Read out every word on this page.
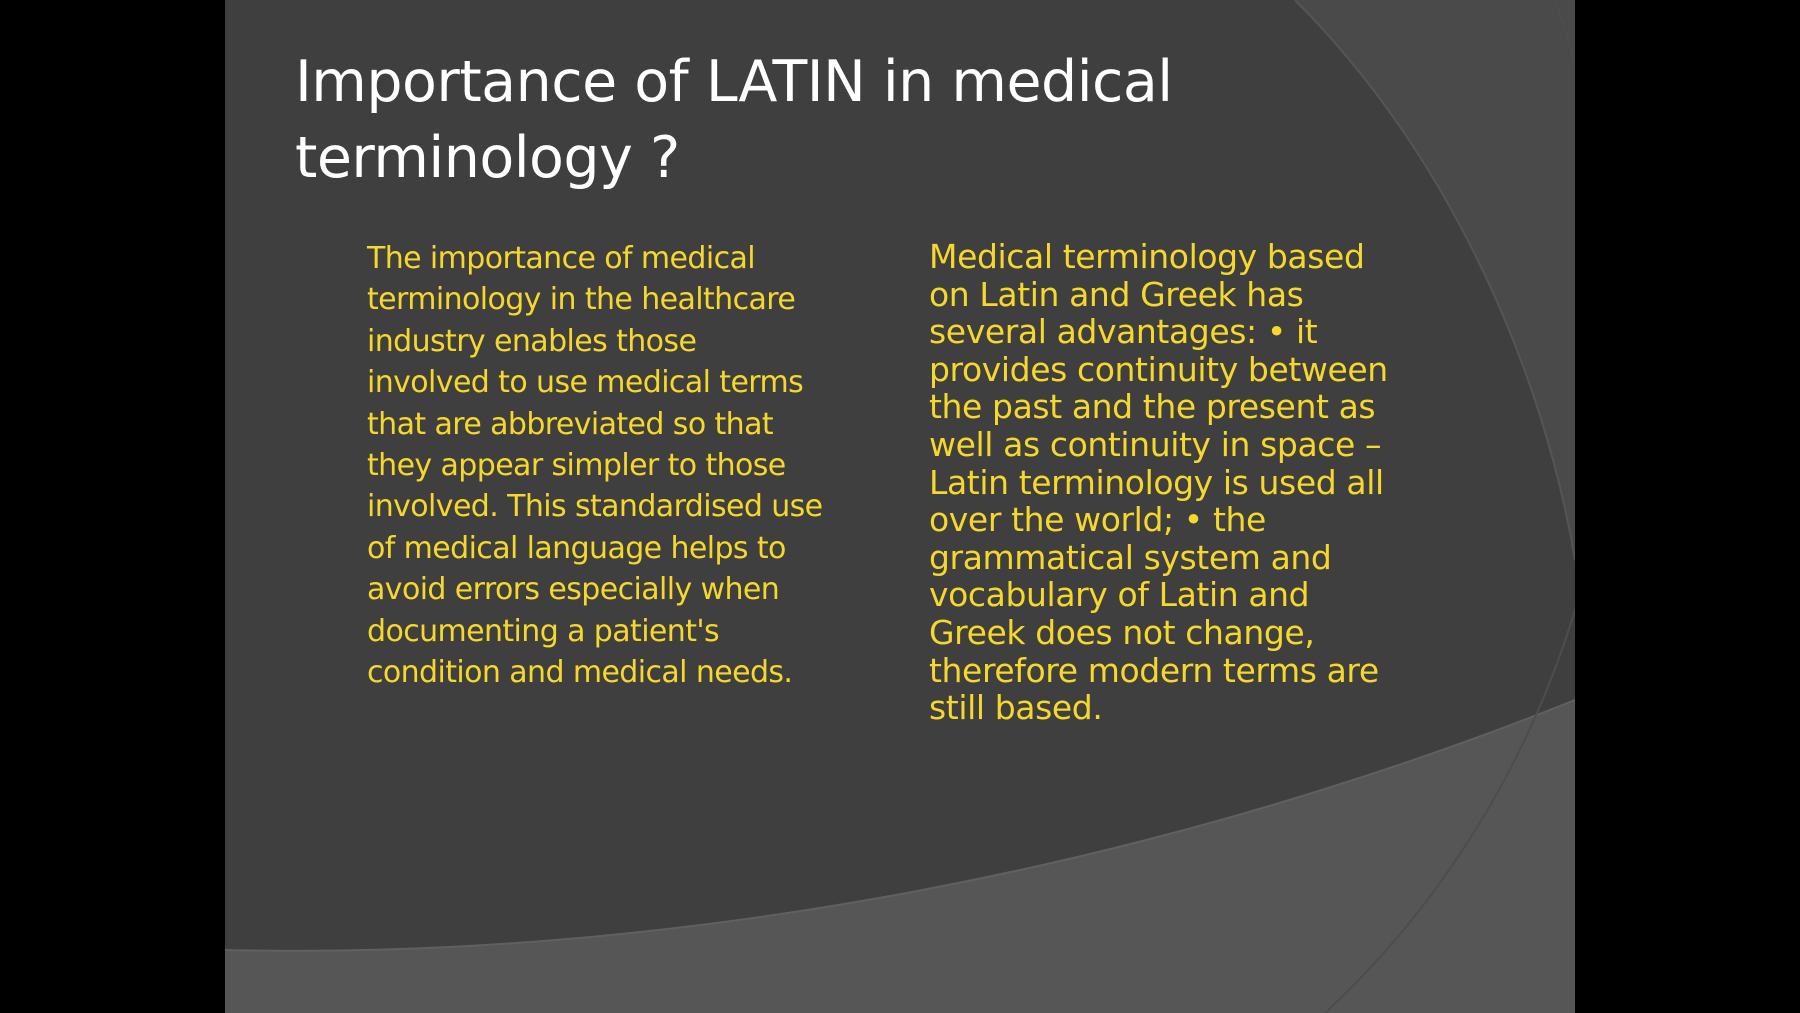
Importance of LATIN in medical terminology ?

The importance of medical terminology in the healthcare industry enables those involved to use medical terms that are abbreviated so that they appear simpler to those involved. This standardised use of medical language helps to avoid errors especially when documenting a patient's condition and medical needs.

Medical terminology based on Latin and Greek has several advantages: • it provides continuity between the past and the present as well as continuity in space – Latin terminology is used all over the world; • the grammatical system and vocabulary of Latin and Greek does not change, therefore modern terms are still based.
